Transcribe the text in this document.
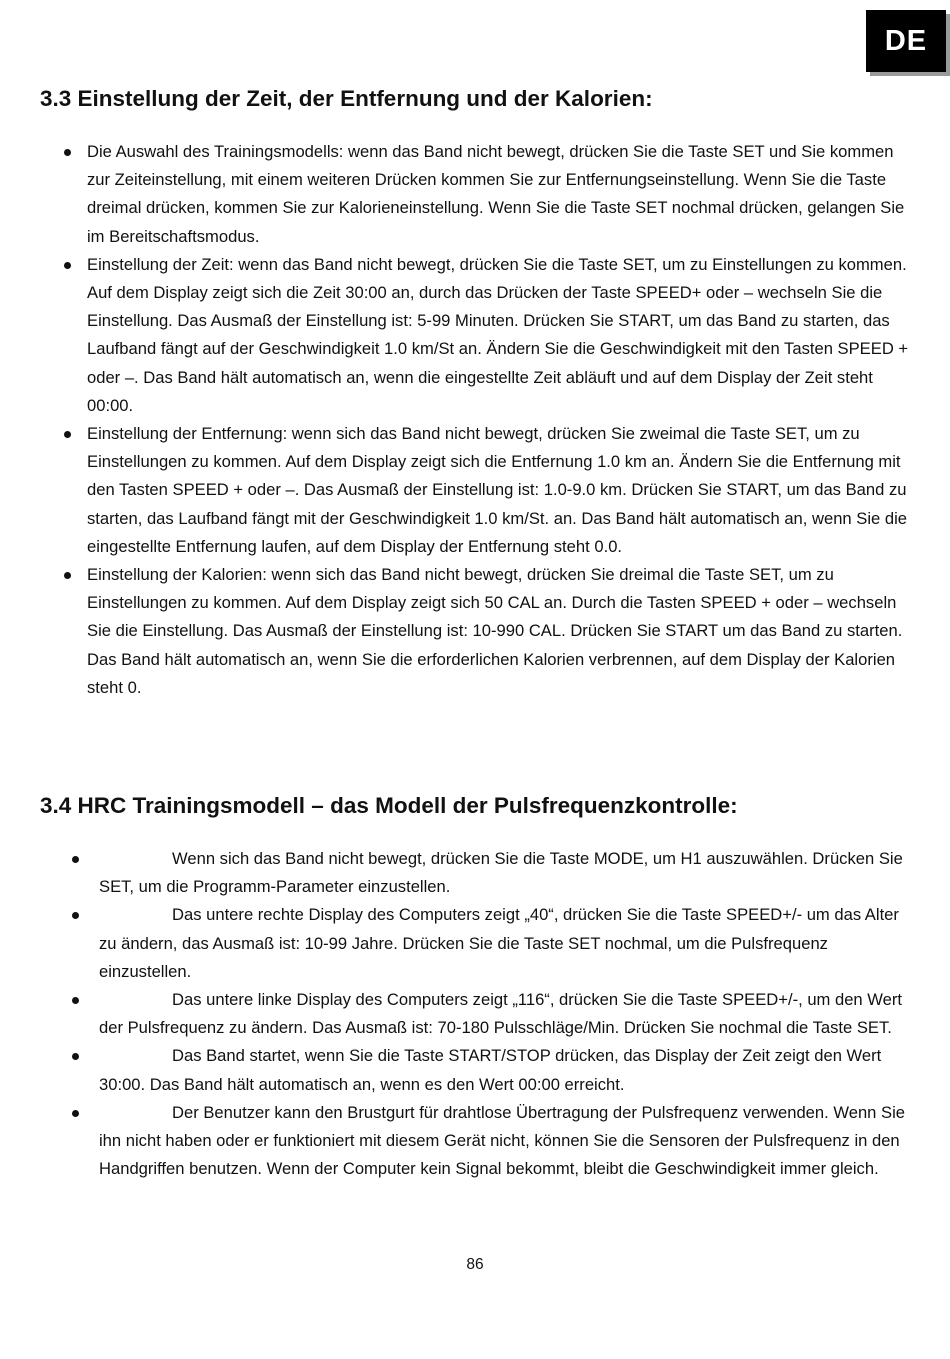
DE
3.3 Einstellung der Zeit, der Entfernung und der Kalorien:
Die Auswahl des Trainingsmodells: wenn das Band nicht bewegt, drücken Sie die Taste SET und Sie kommen zur Zeiteinstellung, mit einem weiteren Drücken kommen Sie zur Entfernungseinstellung. Wenn Sie die Taste dreimal drücken, kommen Sie zur Kalorieneinstellung. Wenn Sie die Taste SET nochmal drücken, gelangen Sie im Bereitschaftsmodus.
Einstellung der Zeit: wenn das Band nicht bewegt, drücken Sie die Taste SET, um zu Einstellungen zu kommen. Auf dem Display zeigt sich die Zeit 30:00 an, durch das Drücken der Taste SPEED+ oder – wechseln Sie die Einstellung. Das Ausmaß der Einstellung ist: 5-99 Minuten. Drücken Sie START, um das Band zu starten, das Laufband fängt auf der Geschwindigkeit 1.0 km/St an. Ändern Sie die Geschwindigkeit mit den Tasten SPEED + oder –. Das Band hält automatisch an, wenn die eingestellte Zeit abläuft und auf dem Display der Zeit steht 00:00.
Einstellung der Entfernung: wenn sich das Band nicht bewegt, drücken Sie zweimal die Taste SET, um zu Einstellungen zu kommen. Auf dem Display zeigt sich die Entfernung 1.0 km an. Ändern Sie die Entfernung mit den Tasten SPEED + oder –. Das Ausmaß der Einstellung ist: 1.0-9.0 km. Drücken Sie START, um das Band zu starten, das Laufband fängt mit der Geschwindigkeit 1.0 km/St. an. Das Band hält automatisch an, wenn Sie die eingestellte Entfernung laufen, auf dem Display der Entfernung steht 0.0.
Einstellung der Kalorien: wenn sich das Band nicht bewegt, drücken Sie dreimal die Taste SET, um zu Einstellungen zu kommen. Auf dem Display zeigt sich 50 CAL an. Durch die Tasten SPEED + oder – wechseln Sie die Einstellung. Das Ausmaß der Einstellung ist: 10-990 CAL. Drücken Sie START um das Band zu starten. Das Band hält automatisch an, wenn Sie die erforderlichen Kalorien verbrennen, auf dem Display der Kalorien steht 0.
3.4 HRC Trainingsmodell – das Modell der Pulsfrequenzkontrolle:
Wenn sich das Band nicht bewegt, drücken Sie die Taste MODE, um H1 auszuwählen. Drücken Sie SET, um die Programm-Parameter einzustellen.
Das untere rechte Display des Computers zeigt „40“, drücken Sie die Taste SPEED+/- um das Alter zu ändern, das Ausmaß ist: 10-99 Jahre. Drücken Sie die Taste SET nochmal, um die Pulsfrequenz einzustellen.
Das untere linke Display des Computers zeigt „116“, drücken Sie die Taste SPEED+/-, um den Wert der Pulsfrequenz zu ändern. Das Ausmaß ist: 70-180 Pulsschläge/Min. Drücken Sie nochmal die Taste SET.
Das Band startet, wenn Sie die Taste START/STOP drücken, das Display der Zeit zeigt den Wert 30:00. Das Band hält automatisch an, wenn es den Wert 00:00 erreicht.
Der Benutzer kann den Brustgurt für drahtlose Übertragung der Pulsfrequenz verwenden. Wenn Sie ihn nicht haben oder er funktioniert mit diesem Gerät nicht, können Sie die Sensoren der Pulsfrequenz in den Handgriffen benutzen. Wenn der Computer kein Signal bekommt, bleibt die Geschwindigkeit immer gleich.
86
